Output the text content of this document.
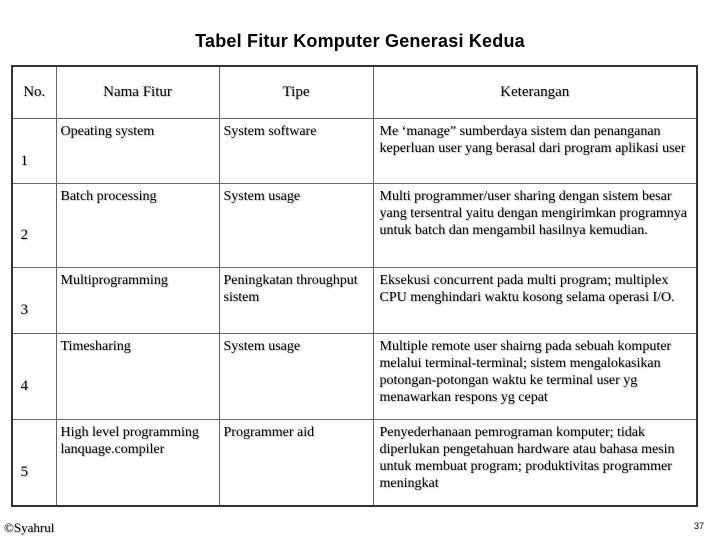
Tabel Fitur Komputer Generasi Kedua
No.	Nama Fitur	Tipe	Keterangan
1	Opeating system	System software	Me ‘manage” sumberdaya sistem dan penanganan keperluan user yang berasal dari program aplikasi user

2	Batch processing	System usage	Multi programmer/user sharing dengan sistem besar yang tersentral yaitu dengan mengirimkan programnya untuk batch dan mengambil hasilnya kemudian.

3	Multiprogramming	Peningkatan throughput sistem	Eksekusi concurrent pada multi program; multiplex CPU menghindari waktu kosong selama operasi I/O.

4	Timesharing	System usage	Multiple remote user shairng pada sebuah komputer melalui terminal-terminal; sistem mengalokasikan potongan-potongan waktu ke terminal user yg menawarkan respons yg cepat

5	High level programming lanquage.compiler	Programmer aid	Penyederhanaan pemrograman komputer; tidak diperlukan pengetahuan hardware atau bahasa mesin untuk membuat program; produktivitas programmer meningkat
©Syahrul	37
